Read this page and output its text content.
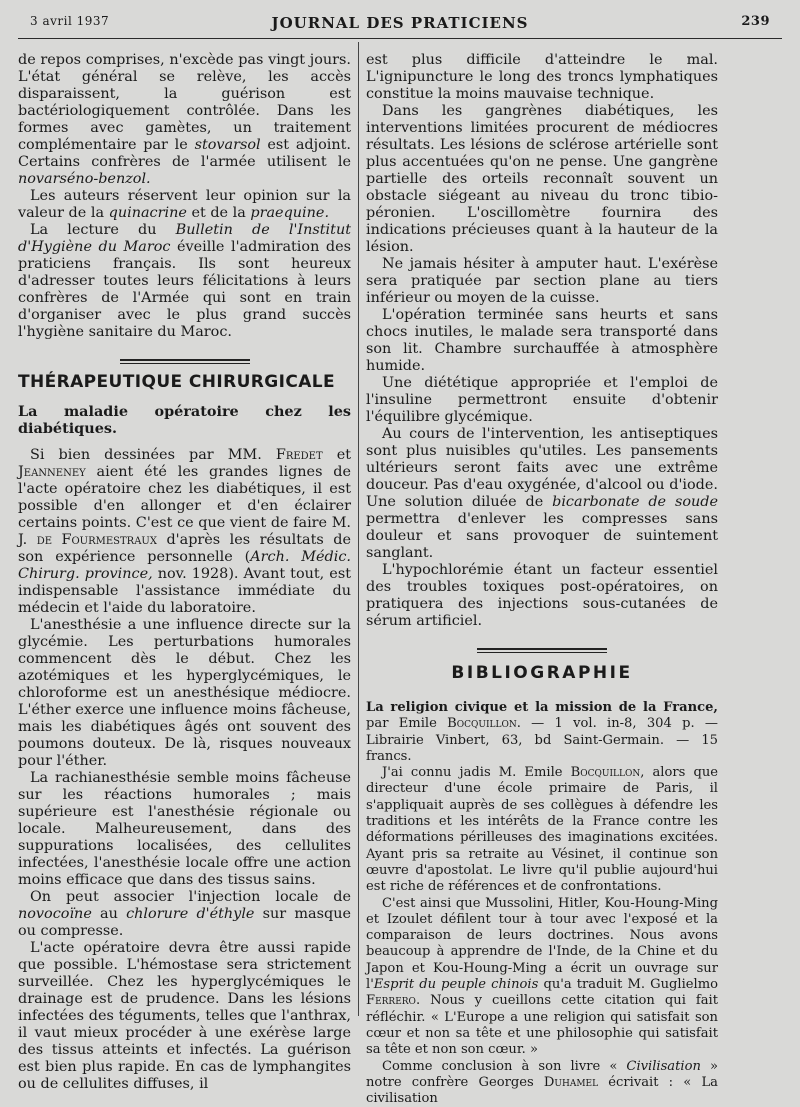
3 avril 1937	JOURNAL DES PRATICIENS	239

de repos comprises, n'excède pas vingt jours. L'état général se relève, les accès disparaissent, la guérison est bactériologiquement contrôlée. Dans les formes avec gamètes, un traitement complémentaire par le stovarsol est adjoint. Certains confrères de l'armée utilisent le novarséno-benzol.

Les auteurs réservent leur opinion sur la valeur de la quinacrine et de la praequine.

La lecture du Bulletin de l'Institut d'Hygiène du Maroc éveille l'admiration des praticiens français. Ils sont heureux d'adresser toutes leurs félicitations à leurs confrères de l'Armée qui sont en train d'organiser avec le plus grand succès l'hygiène sanitaire du Maroc.

THÉRAPEUTIQUE CHIRURGICALE
La maladie opératoire chez les diabétiques.

Si bien dessinées par MM. Fredet et Jeanneney aient été les grandes lignes de l'acte opératoire chez les diabétiques, il est possible d'en allonger et d'en éclairer certains points. C'est ce que vient de faire M. J. de Fourmestraux d'après les résultats de son expérience personnelle (Arch. Médic. Chirurg. province, nov. 1928). Avant tout, est indispensable l'assistance immédiate du médecin et l'aide du laboratoire.

L'anesthésie a une influence directe sur la glycémie. Les perturbations humorales commencent dès le début. Chez les azotémiques et les hyperglycémiques, le chloroforme est un anesthésique médiocre. L'éther exerce une influence moins fâcheuse, mais les diabétiques âgés ont souvent des poumons douteux. De là, risques nouveaux pour l'éther.

La rachianesthésie semble moins fâcheuse sur les réactions humorales ; mais supérieure est l'anesthésie régionale ou locale. Malheureusement, dans des suppurations localisées, des cellulites infectées, l'anesthésie locale offre une action moins efficace que dans des tissus sains.

On peut associer l'injection locale de novocoïne au chlorure d'éthyle sur masque ou compresse.

L'acte opératoire devra être aussi rapide que possible. L'hémostase sera strictement surveillée. Chez les hyperglycémiques le drainage est de prudence. Dans les lésions infectées des téguments, telles que l'anthrax, il vaut mieux procéder à une exérèse large des tissus atteints et infectés. La guérison est bien plus rapide. En cas de lymphangites ou de cellulites diffuses, il

est plus difficile d'atteindre le mal. L'ignipuncture le long des troncs lymphatiques constitue la moins mauvaise technique.

Dans les gangrènes diabétiques, les interventions limitées procurent de médiocres résultats. Les lésions de sclérose artérielle sont plus accentuées qu'on ne pense. Une gangrène partielle des orteils reconnaît souvent un obstacle siégeant au niveau du tronc tibio-péronien. L'oscillomètre fournira des indications précieuses quant à la hauteur de la lésion.

Ne jamais hésiter à amputer haut. L'exérèse sera pratiquée par section plane au tiers inférieur ou moyen de la cuisse.

L'opération terminée sans heurts et sans chocs inutiles, le malade sera transporté dans son lit. Chambre surchauffée à atmosphère humide.

Une diététique appropriée et l'emploi de l'insuline permettront ensuite d'obtenir l'équilibre glycémique.

Au cours de l'intervention, les antiseptiques sont plus nuisibles qu'utiles. Les pansements ultérieurs seront faits avec une extrême douceur. Pas d'eau oxygénée, d'alcool ou d'iode. Une solution diluée de bicarbonate de soude permettra d'enlever les compresses sans douleur et sans provoquer de suintement sanglant.

L'hypochlorémie étant un facteur essentiel des troubles toxiques post-opératoires, on pratiquera des injections sous-cutanées de sérum artificiel.

BIBLIOGRAPHIE

La religion civique et la mission de la France, par Emile Bocquillon. — 1 vol. in-8, 304 p. — Librairie Vinbert, 63, bd Saint-Germain. — 15 francs.

J'ai connu jadis M. Emile Bocquillon, alors que directeur d'une école primaire de Paris, il s'appliquait auprès de ses collègues à défendre les traditions et les intérêts de la France contre les déformations périlleuses des imaginations excitées. Ayant pris sa retraite au Vésinet, il continue son œuvre d'apostolat. Le livre qu'il publie aujourd'hui est riche de références et de confrontations.

C'est ainsi que Mussolini, Hitler, Kou-Houng-Ming et Izoulet défilent tour à tour avec l'exposé et la comparaison de leurs doctrines. Nous avons beaucoup à apprendre de l'Inde, de la Chine et du Japon et Kou-Houng-Ming a écrit un ouvrage sur l'Esprit du peuple chinois qu'a traduit M. Guglielmo Ferrero. Nous y cueillons cette citation qui fait réfléchir. « L'Europe a une religion qui satisfait son cœur et non sa tête et une philosophie qui satisfait sa tête et non son cœur. »

Comme conclusion à son livre « Civilisation » notre confrère Georges Duhamel écrivait : « La civilisation
